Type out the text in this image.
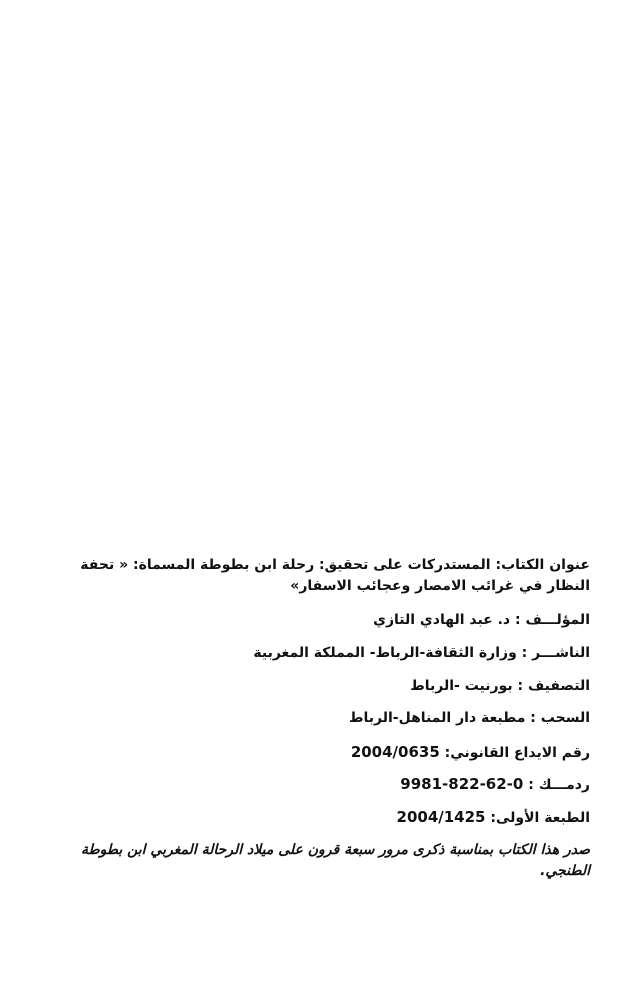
عنوان الكتاب: المستدركات على تحقيق: رحلة ابن بطوطة المسماة: « تحفة النظار في غرائب الامصار وعجائب الاسفار»
المؤلـــف : د. عبد الهادي التازي
الناشـــر : وزارة الثقافة-الرباط- المملكة المغربية
التصفيف : بورنيت -الرباط
السحب : مطبعة دار المناهل-الرباط
رقم الايداع القانوني: 2004/0635
ردمـــك : 9981-822-62-0
الطبعة الأولى: 2004/1425
صدر هذا الكتاب بمناسبة ذكرى مرور سبعة قرون على ميلاد الرحالة المغربي ابن بطوطة الطنجي.
